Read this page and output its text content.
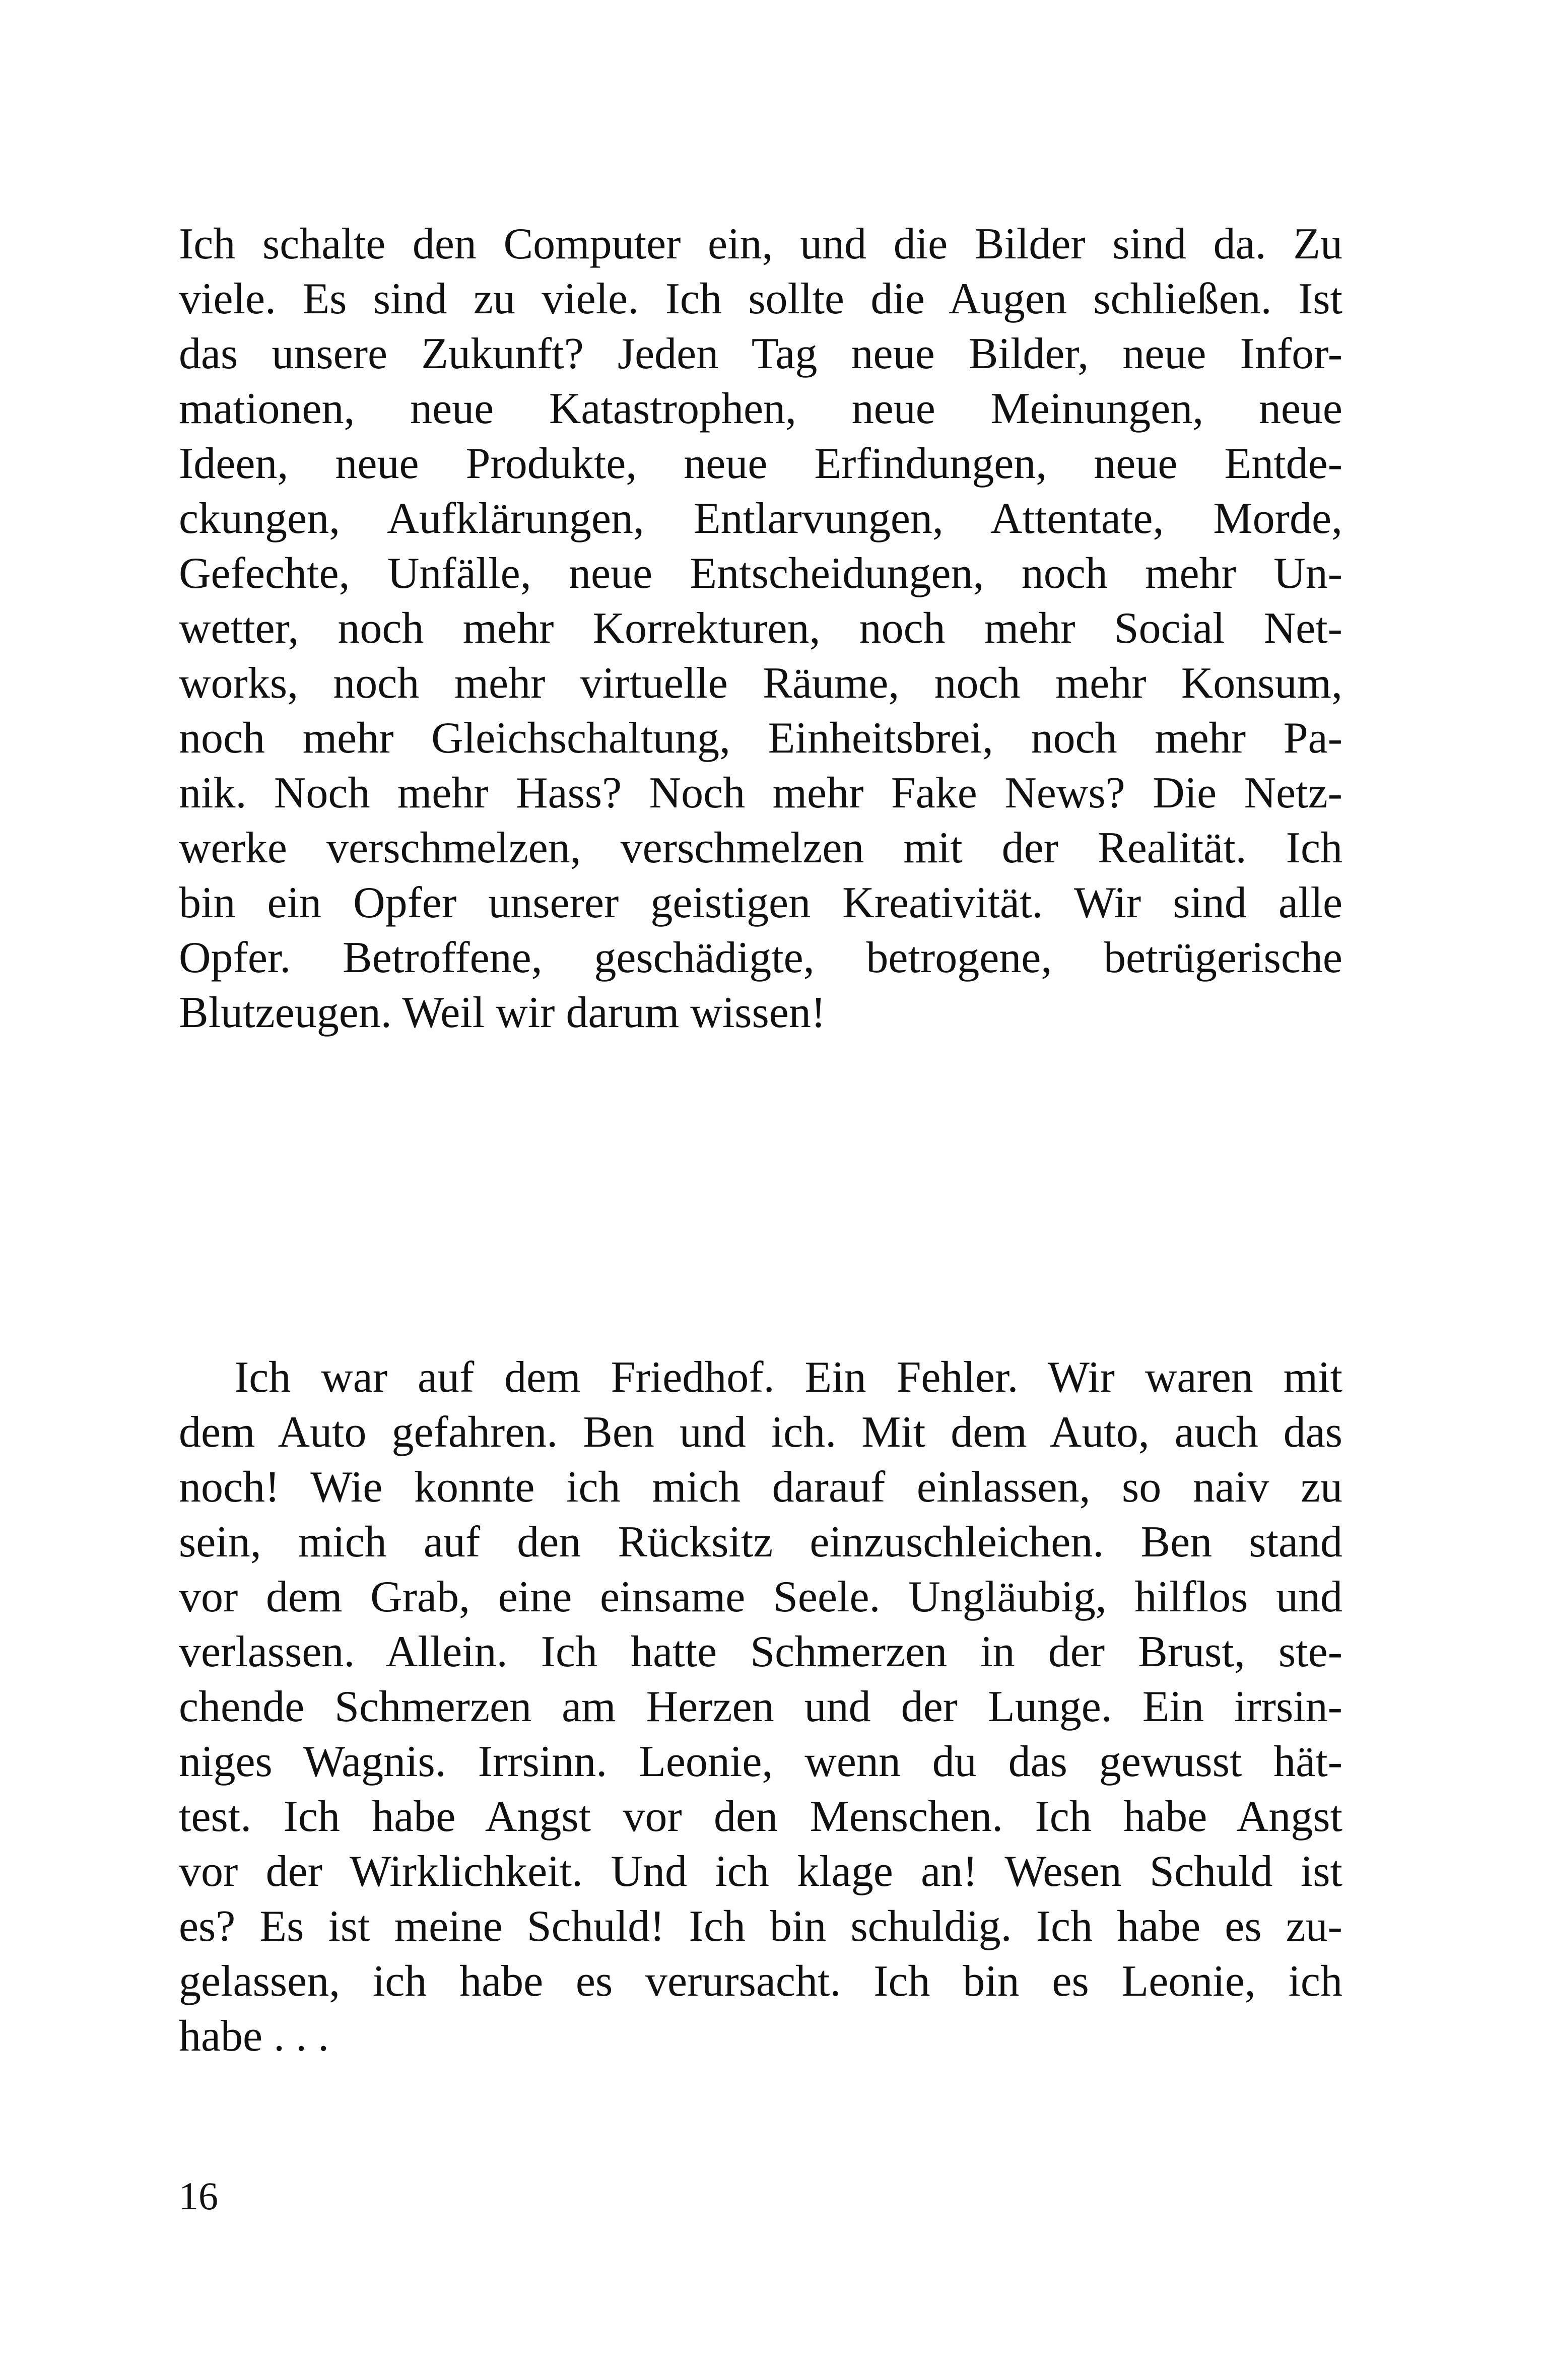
Ich schalte den Computer ein, und die Bilder sind da. Zu
viele. Es sind zu viele. Ich sollte die Augen schließen. Ist
das unsere Zukunft? Jeden Tag neue Bilder, neue Infor-
mationen, neue Katastrophen, neue Meinungen, neue
Ideen, neue Produkte, neue Erfindungen, neue Entde-
ckungen, Aufklärungen, Entlarvungen, Attentate, Morde,
Gefechte, Unfälle, neue Entscheidungen, noch mehr Un-
wetter, noch mehr Korrekturen, noch mehr Social Net-
works, noch mehr virtuelle Räume, noch mehr Konsum,
noch mehr Gleichschaltung, Einheitsbrei, noch mehr Pa-
nik. Noch mehr Hass? Noch mehr Fake News? Die Netz-
werke verschmelzen, verschmelzen mit der Realität. Ich
bin ein Opfer unserer geistigen Kreativität. Wir sind alle
Opfer. Betroffene, geschädigte, betrogene, betrügerische
Blutzeugen. Weil wir darum wissen!
Ich war auf dem Friedhof. Ein Fehler. Wir waren mit
dem Auto gefahren. Ben und ich. Mit dem Auto, auch das
noch! Wie konnte ich mich darauf einlassen, so naiv zu
sein, mich auf den Rücksitz einzuschleichen. Ben stand
vor dem Grab, eine einsame Seele. Ungläubig, hilflos und
verlassen. Allein. Ich hatte Schmerzen in der Brust, ste-
chende Schmerzen am Herzen und der Lunge. Ein irrsin-
niges Wagnis. Irrsinn. Leonie, wenn du das gewusst hät-
test. Ich habe Angst vor den Menschen. Ich habe Angst
vor der Wirklichkeit. Und ich klage an! Wesen Schuld ist
es? Es ist meine Schuld! Ich bin schuldig. Ich habe es zu-
gelassen, ich habe es verursacht. Ich bin es Leonie, ich
habe . . .
16
